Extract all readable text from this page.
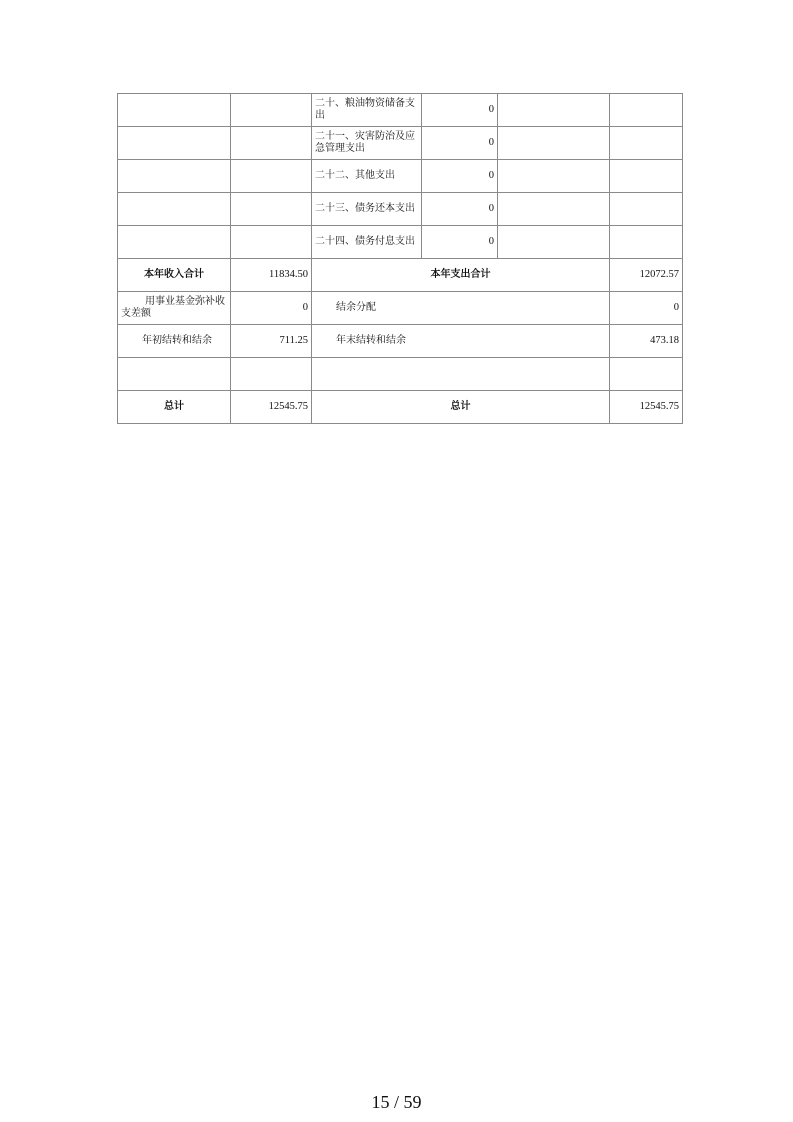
		二十、粮油物资储备支出	0		
		二十一、灾害防治及应急管理支出	0		
		二十二、其他支出	0		
		二十三、债务还本支出	0		
		二十四、债务付息支出	0		
本年收入合计	11834.50	本年支出合计			12072.57
用事业基金弥补收支差额	0	结余分配			0
年初结转和结余	711.25	年末结转和结余			473.18

总计	12545.75	总计			12545.75
15 / 59
